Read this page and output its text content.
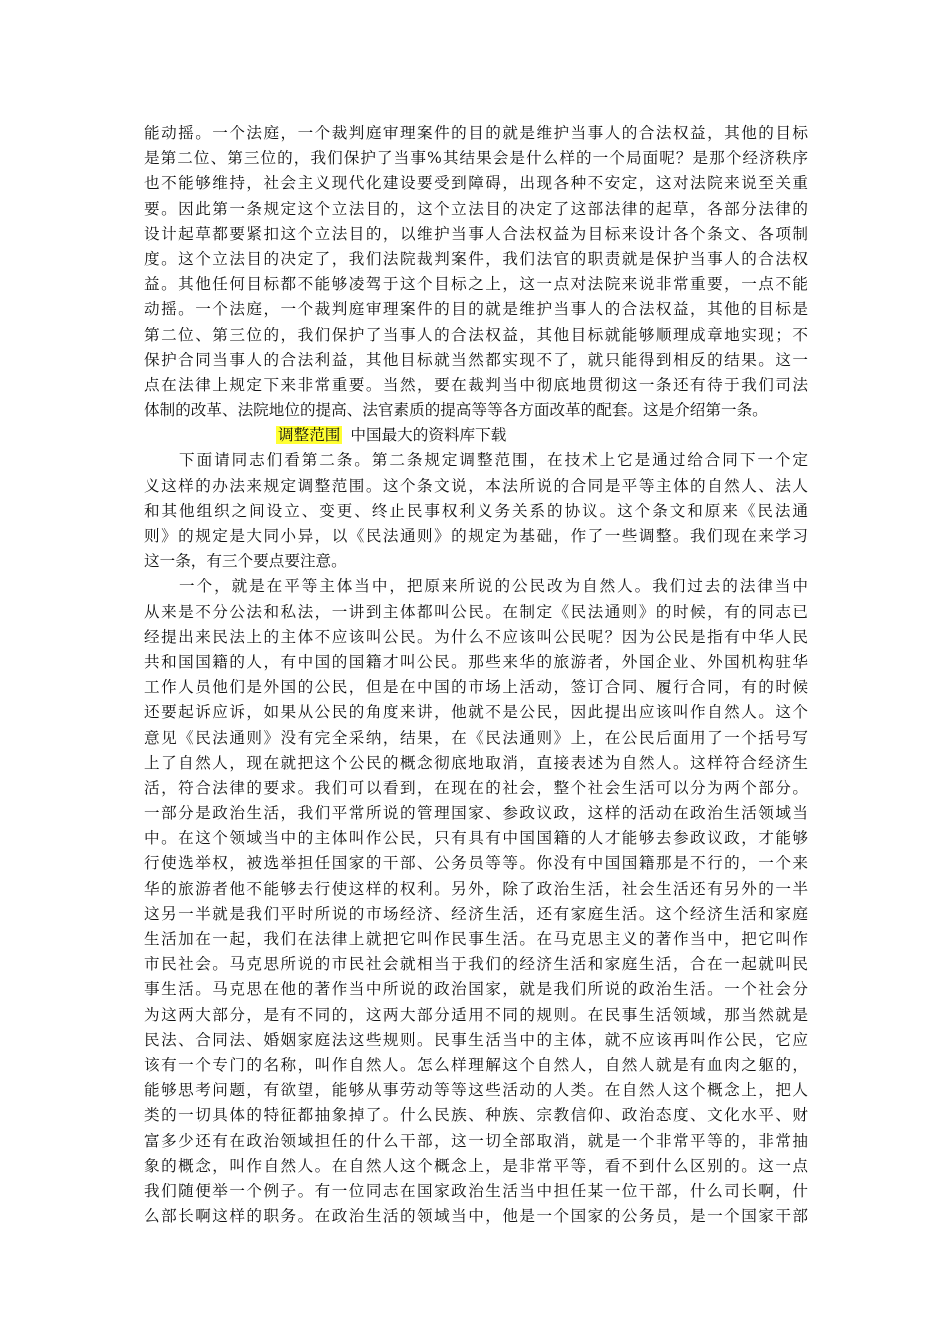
能动摇。一个法庭，一个裁判庭审理案件的目的就是维护当事人的合法权益，其他的目标
是第二位、第三位的，我们保护了当事%其结果会是什么样的一个局面呢？是那个经济秩序
也不能够维持，社会主义现代化建设要受到障碍，出现各种不安定，这对法院来说至关重
要。因此第一条规定这个立法目的，这个立法目的决定了这部法律的起草，各部分法律的
设计起草都要紧扣这个立法目的，以维护当事人合法权益为目标来设计各个条文、各项制
度。这个立法目的决定了，我们法院裁判案件，我们法官的职责就是保护当事人的合法权
益。其他任何目标都不能够凌驾于这个目标之上，这一点对法院来说非常重要，一点不能
动摇。一个法庭，一个裁判庭审理案件的目的就是维护当事人的合法权益，其他的目标是
第二位、第三位的，我们保护了当事人的合法权益，其他目标就能够顺理成章地实现；不
保护合同当事人的合法利益，其他目标就当然都实现不了，就只能得到相反的结果。这一
点在法律上规定下来非常重要。当然，要在裁判当中彻底地贯彻这一条还有待于我们司法
体制的改革、法院地位的提高、法官素质的提高等等各方面改革的配套。这是介绍第一条。
调整范围 中国最大的资料库下载
　　下面请同志们看第二条。第二条规定调整范围，在技术上它是通过给合同下一个定
义这样的办法来规定调整范围。这个条文说，本法所说的合同是平等主体的自然人、法人
和其他组织之间设立、变更、终止民事权利义务关系的协议。这个条文和原来《民法通
则》的规定是大同小异，以《民法通则》的规定为基础，作了一些调整。我们现在来学习
这一条，有三个要点要注意。
　　一个，就是在平等主体当中，把原来所说的公民改为自然人。我们过去的法律当中
从来是不分公法和私法，一讲到主体都叫公民。在制定《民法通则》的时候，有的同志已
经提出来民法上的主体不应该叫公民。为什么不应该叫公民呢？因为公民是指有中华人民
共和国国籍的人，有中国的国籍才叫公民。那些来华的旅游者，外国企业、外国机构驻华
工作人员他们是外国的公民，但是在中国的市场上活动，签订合同、履行合同，有的时候
还要起诉应诉，如果从公民的角度来讲，他就不是公民，因此提出应该叫作自然人。这个
意见《民法通则》没有完全采纳，结果，在《民法通则》上，在公民后面用了一个括号写
上了自然人，现在就把这个公民的概念彻底地取消，直接表述为自然人。这样符合经济生
活，符合法律的要求。我们可以看到，在现在的社会，整个社会生活可以分为两个部分。
一部分是政治生活，我们平常所说的管理国家、参政议政，这样的活动在政治生活领域当
中。在这个领域当中的主体叫作公民，只有具有中国国籍的人才能够去参政议政，才能够
行使选举权，被选举担任国家的干部、公务员等等。你没有中国国籍那是不行的，一个来
华的旅游者他不能够去行使这样的权利。另外，除了政治生活，社会生活还有另外的一半
这另一半就是我们平时所说的市场经济、经济生活，还有家庭生活。这个经济生活和家庭
生活加在一起，我们在法律上就把它叫作民事生活。在马克思主义的著作当中，把它叫作
市民社会。马克思所说的市民社会就相当于我们的经济生活和家庭生活，合在一起就叫民
事生活。马克思在他的著作当中所说的政治国家，就是我们所说的政治生活。一个社会分
为这两大部分，是有不同的，这两大部分适用不同的规则。在民事生活领域，那当然就是
民法、合同法、婚姻家庭法这些规则。民事生活当中的主体，就不应该再叫作公民，它应
该有一个专门的名称，叫作自然人。怎么样理解这个自然人，自然人就是有血肉之躯的，
能够思考问题，有欲望，能够从事劳动等等这些活动的人类。在自然人这个概念上，把人
类的一切具体的特征都抽象掉了。什么民族、种族、宗教信仰、政治态度、文化水平、财
富多少还有在政治领域担任的什么干部，这一切全部取消，就是一个非常平等的，非常抽
象的概念，叫作自然人。在自然人这个概念上，是非常平等，看不到什么区别的。这一点
我们随便举一个例子。有一位同志在国家政治生活当中担任某一位干部，什么司长啊，什
么部长啊这样的职务。在政治生活的领域当中，他是一个国家的公务员，是一个国家干部
